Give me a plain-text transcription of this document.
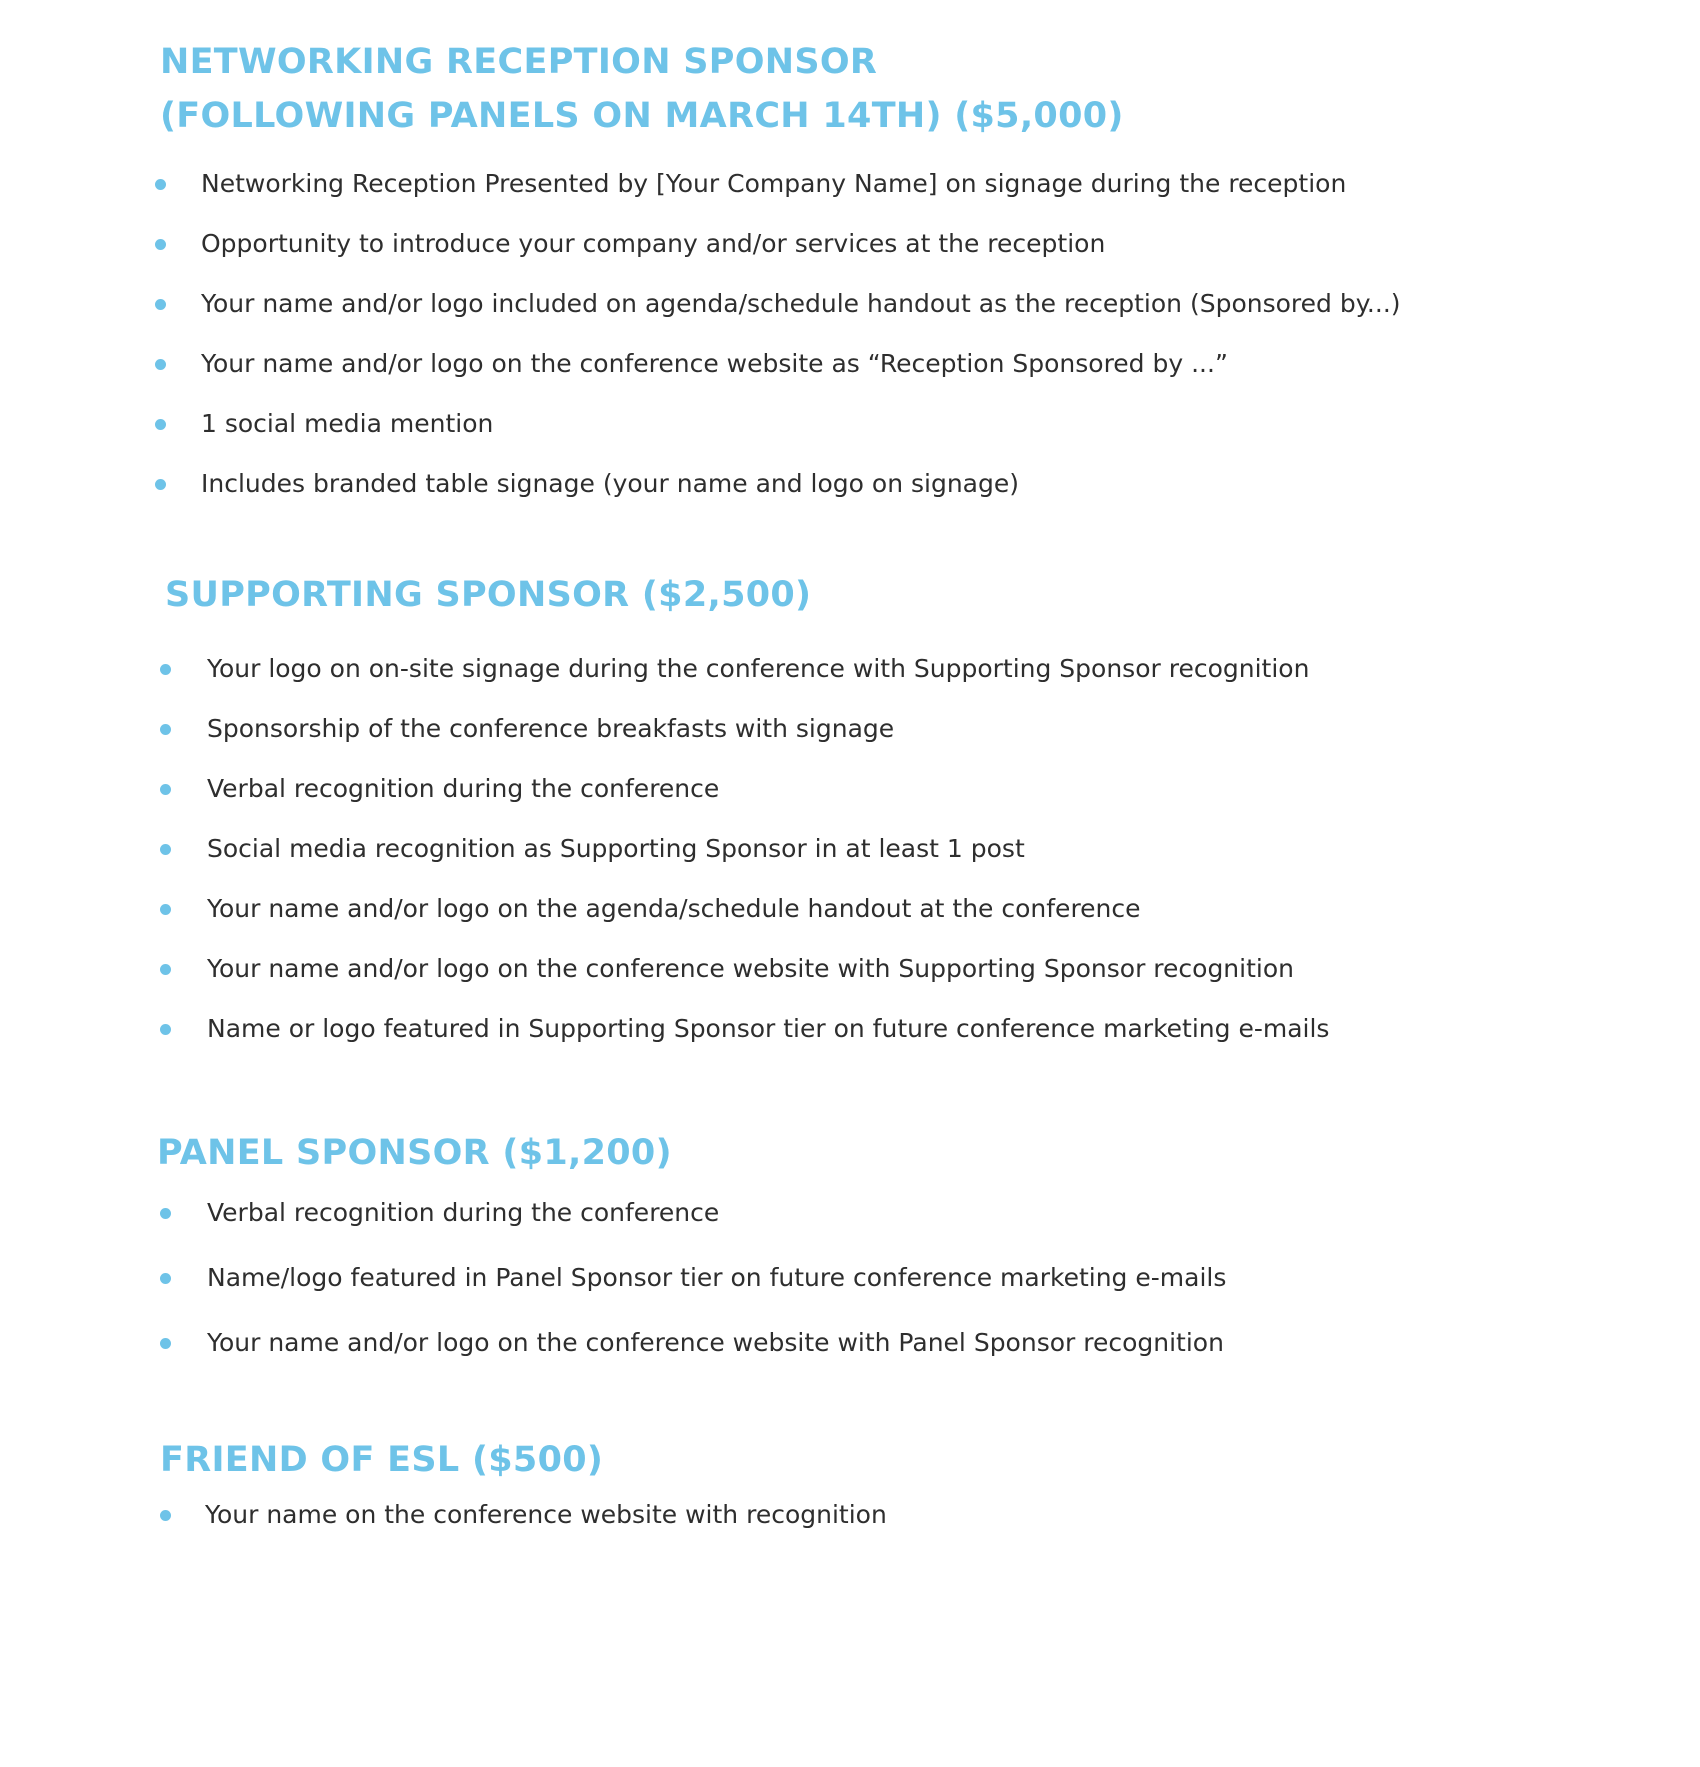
NETWORKING RECEPTION SPONSOR
(FOLLOWING PANELS ON MARCH 14TH) ($5,000)
Networking Reception Presented by [Your Company Name] on signage during the reception
Opportunity to introduce your company and/or services at the reception
Your name and/or logo included on agenda/schedule handout as the reception (Sponsored by...)
Your name and/or logo on the conference website as “Reception Sponsored by ...”
1 social media mention
Includes branded table signage (your name and logo on signage)
SUPPORTING SPONSOR ($2,500)
Your logo on on-site signage during the conference with Supporting Sponsor recognition
Sponsorship of the conference breakfasts with signage
Verbal recognition during the conference
Social media recognition as Supporting Sponsor in at least 1 post
Your name and/or logo on the agenda/schedule handout at the conference
Your name and/or logo on the conference website with Supporting Sponsor recognition
Name or logo featured in Supporting Sponsor tier on future conference marketing e-mails
PANEL SPONSOR ($1,200)
Verbal recognition during the conference
Name/logo featured in Panel Sponsor tier on future conference marketing e-mails
Your name and/or logo on the conference website with Panel Sponsor recognition
FRIEND OF ESL ($500)
Your name on the conference website with recognition
